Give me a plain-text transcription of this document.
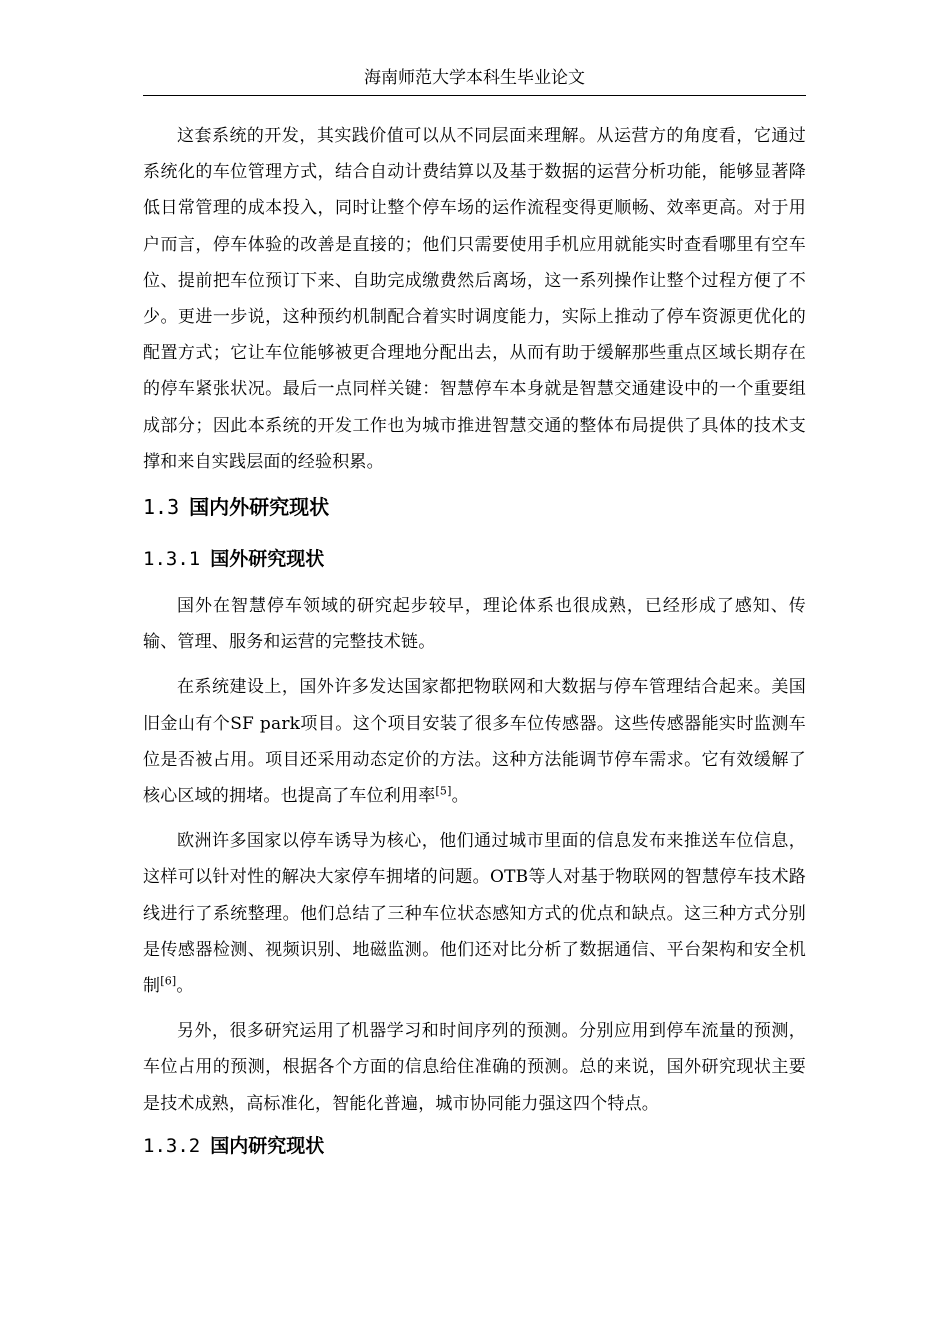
海南师范大学本科生毕业论文

这套系统的开发，其实践价值可以从不同层面来理解。从运营方的角度看，它通过系统化的车位管理方式，结合自动计费结算以及基于数据的运营分析功能，能够显著降低日常管理的成本投入，同时让整个停车场的运作流程变得更顺畅、效率更高。对于用户而言，停车体验的改善是直接的；他们只需要使用手机应用就能实时查看哪里有空车位、提前把车位预订下来、自助完成缴费然后离场，这一系列操作让整个过程方便了不少。更进一步说，这种预约机制配合着实时调度能力，实际上推动了停车资源更优化的配置方式；它让车位能够被更合理地分配出去，从而有助于缓解那些重点区域长期存在的停车紧张状况。最后一点同样关键：智慧停车本身就是智慧交通建设中的一个重要组成部分；因此本系统的开发工作也为城市推进智慧交通的整体布局提供了具体的技术支撑和来自实践层面的经验积累。

1.3 国内外研究现状
1.3.1 国外研究现状

国外在智慧停车领域的研究起步较早，理论体系也很成熟，已经形成了感知、传输、管理、服务和运营的完整技术链。

在系统建设上，国外许多发达国家都把物联网和大数据与停车管理结合起来。美国旧金山有个SF park项目。这个项目安装了很多车位传感器。这些传感器能实时监测车位是否被占用。项目还采用动态定价的方法。这种方法能调节停车需求。它有效缓解了核心区域的拥堵。也提高了车位利用率[5]。

欧洲许多国家以停车诱导为核心，他们通过城市里面的信息发布来推送车位信息，这样可以针对性的解决大家停车拥堵的问题。OTB等人对基于物联网的智慧停车技术路线进行了系统整理。他们总结了三种车位状态感知方式的优点和缺点。这三种方式分别是传感器检测、视频识别、地磁监测。他们还对比分析了数据通信、平台架构和安全机制[6]。

另外，很多研究运用了机器学习和时间序列的预测。分别应用到停车流量的预测，车位占用的预测，根据各个方面的信息给住准确的预测。总的来说，国外研究现状主要是技术成熟，高标准化，智能化普遍，城市协同能力强这四个特点。

1.3.2 国内研究现状
